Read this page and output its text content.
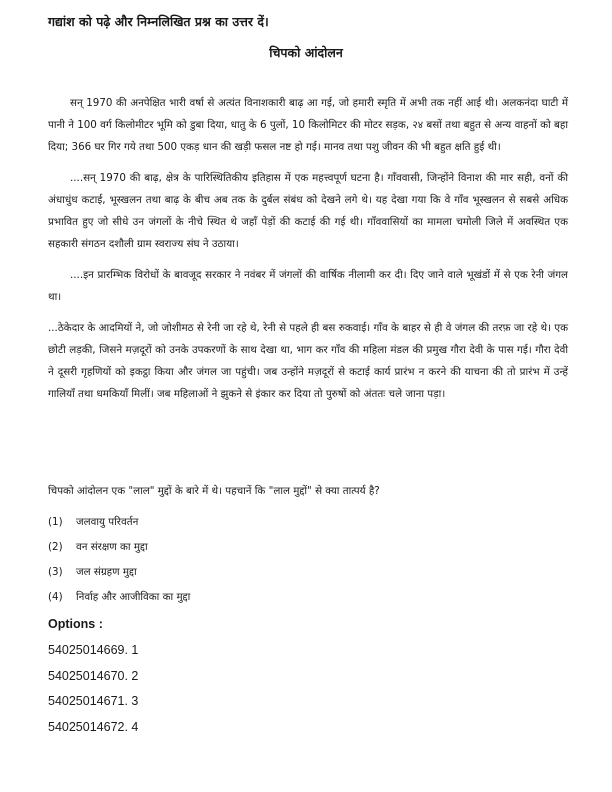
गद्यांश को पढ़े और निम्नलिखित प्रश्न का उत्तर दें।
चिपको आंदोलन

सन् 1970 की अनपेक्षित भारी वर्षा से अत्यंत विनाशकारी बाढ़ आ गई, जो हमारी स्मृति में अभी तक नहीं आई थी। अलकनंदा घाटी में पानी ने 100 वर्ग किलोमीटर भूमि को डुबा दिया, धातु के 6 पुलों, 10 किलोमिटर की मोटर सड़क, २४ बसों तथा बहुत से अन्य वाहनों को बहा दिया; 366 घर गिर गये तथा 500 एकड़ धान की खड़ी फसल नष्ट हो गई। मानव तथा पशु जीवन की भी बहुत क्षति हुई थी।

....सन् 1970 की बाढ़, क्षेत्र के पारिस्थितिकीय इतिहास में एक महत्त्वपूर्ण घटना है। गाँववासी, जिन्होंने विनाश की मार सही, वनों की अंधाधुंध कटाई, भूस्खलन तथा बाढ़ के बीच अब तक के दुर्बल संबंध को देखने लगे थे। यह देखा गया कि वे गाँव भूस्खलन से सबसे अधिक प्रभावित हुए जो सीधे उन जंगलों के नीचे स्थित थे जहाँ पेड़ों की कटाई की गई थी। गाँववासियों का मामला चमोली जिले में अवस्थित एक सहकारी संगठन दशौली ग्राम स्वराज्य संघ ने उठाया।

....इन प्रारम्भिक विरोधों के बावजूद सरकार ने नवंबर में जंगलों की वार्षिक नीलामी कर दी। दिए जाने वाले भूखंडों में से एक रेनी जंगल था।

...ठेकेदार के आदमियों ने, जो जोशीमठ से रेनी जा रहे थे, रेनी से पहले ही बस रुकवाई। गाँव के बाहर से ही वे जंगल की तरफ़ जा रहे थे। एक छोटी लड़की, जिसने मज़दूरों को उनके उपकरणों के साथ देखा था, भाग कर गाँव की महिला मंडल की प्रमुख गौरा देवी के पास गई। गौरा देवी ने दूसरी गृहणियों को इकट्ठा किया और जंगल जा पहुंची। जब उन्होंने मज़दूरों से कटाई कार्य प्रारंभ न करने की याचना की तो प्रारंभ में उन्हें गालियाँ तथा धमकियाँ मिलीं। जब महिलाओं ने झुकने से इंकार कर दिया तो पुरुषों को अंततः चले जाना पड़ा।

चिपको आंदोलन एक "लाल" मुद्दों के बारे में थे। पहचानें कि "लाल मुद्दों" से क्या तात्पर्य है?
(1)	जलवायु परिवर्तन
(2)	वन संरक्षण का मुद्दा
(3)	जल संग्रहण मुद्दा
(4)	निर्वाह और आजीविका का मुद्दा
Options :
54025014669. 1
54025014670. 2
54025014671. 3
54025014672. 4
